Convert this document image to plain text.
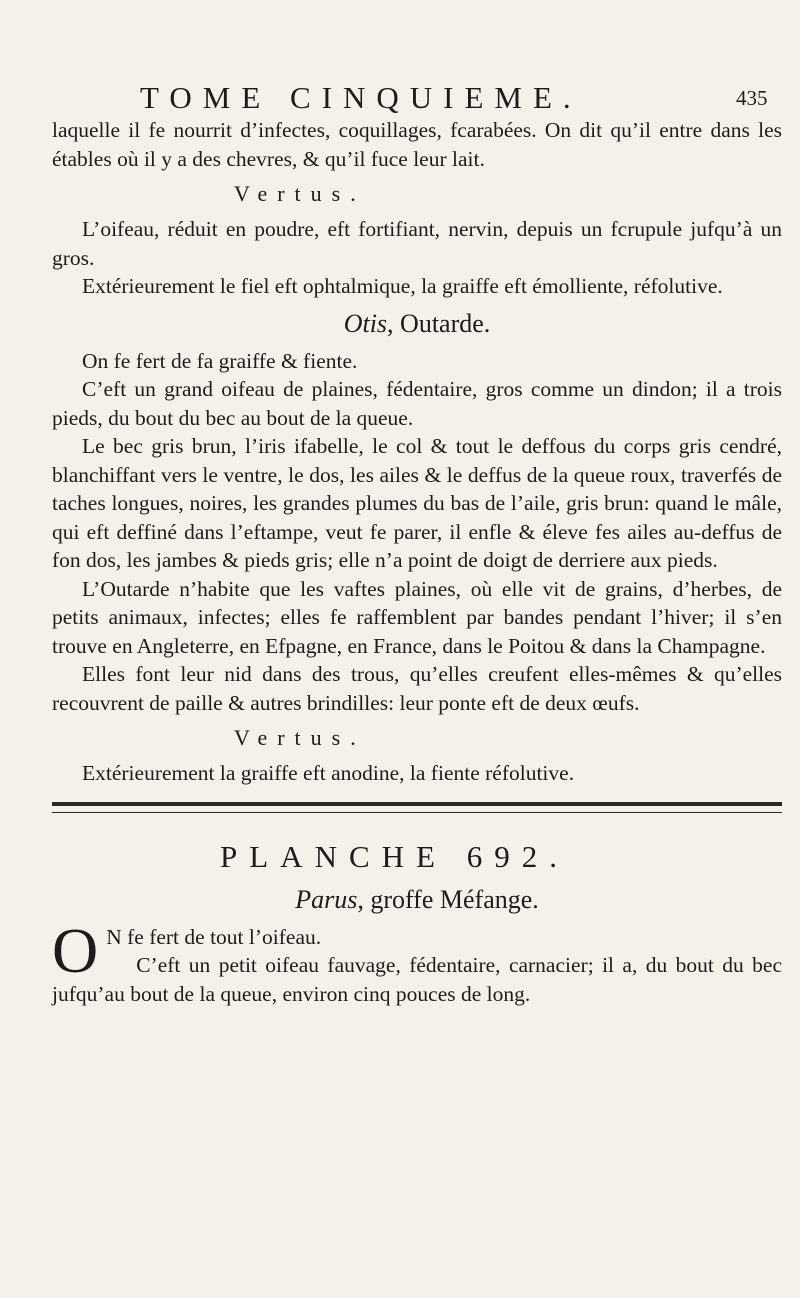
TOME CINQUIEME.	435

laquelle il fe nourrit d’infectes, coquillages, fcarabées. On dit qu’il entre dans les étables où il y a des chevres, & qu’il fuce leur lait.

Vertus.

L’oifeau, réduit en poudre, eft fortifiant, nervin, depuis un fcrupule jufqu’à un gros.

Extérieurement le fiel eft ophtalmique, la graiffe eft émolliente, réfolutive.

Otis, Outarde.

On fe fert de fa graiffe & fiente.

C’eft un grand oifeau de plaines, fédentaire, gros comme un dindon; il a trois pieds, du bout du bec au bout de la queue.

Le bec gris brun, l’iris ifabelle, le col & tout le deffous du corps gris cendré, blanchiffant vers le ventre, le dos, les ailes & le deffus de la queue roux, traverfés de taches longues, noires, les grandes plumes du bas de l’aile, gris brun: quand le mâle, qui eft deffiné dans l’eftampe, veut fe parer, il enfle & éleve fes ailes au-deffus de fon dos, les jambes & pieds gris; elle n’a point de doigt de derriere aux pieds.

L’Outarde n’habite que les vaftes plaines, où elle vit de grains, d’herbes, de petits animaux, infectes; elles fe raffemblent par bandes pendant l’hiver; il s’en trouve en Angleterre, en Efpagne, en France, dans le Poitou & dans la Champagne.

Elles font leur nid dans des trous, qu’elles creufent elles-mêmes & qu’elles recouvrent de paille & autres brindilles: leur ponte eft de deux œufs.

Vertus.

Extérieurement la graiffe eft anodine, la fiente réfolutive.

PLANCHE 692.
Parus, groffe Méfange.
O N fe fert de tout l’oifeau.

C’eft un petit oifeau fauvage, fédentaire, carnacier; il a, du bout du bec jufqu’au bout de la queue, environ cinq pouces de long.
